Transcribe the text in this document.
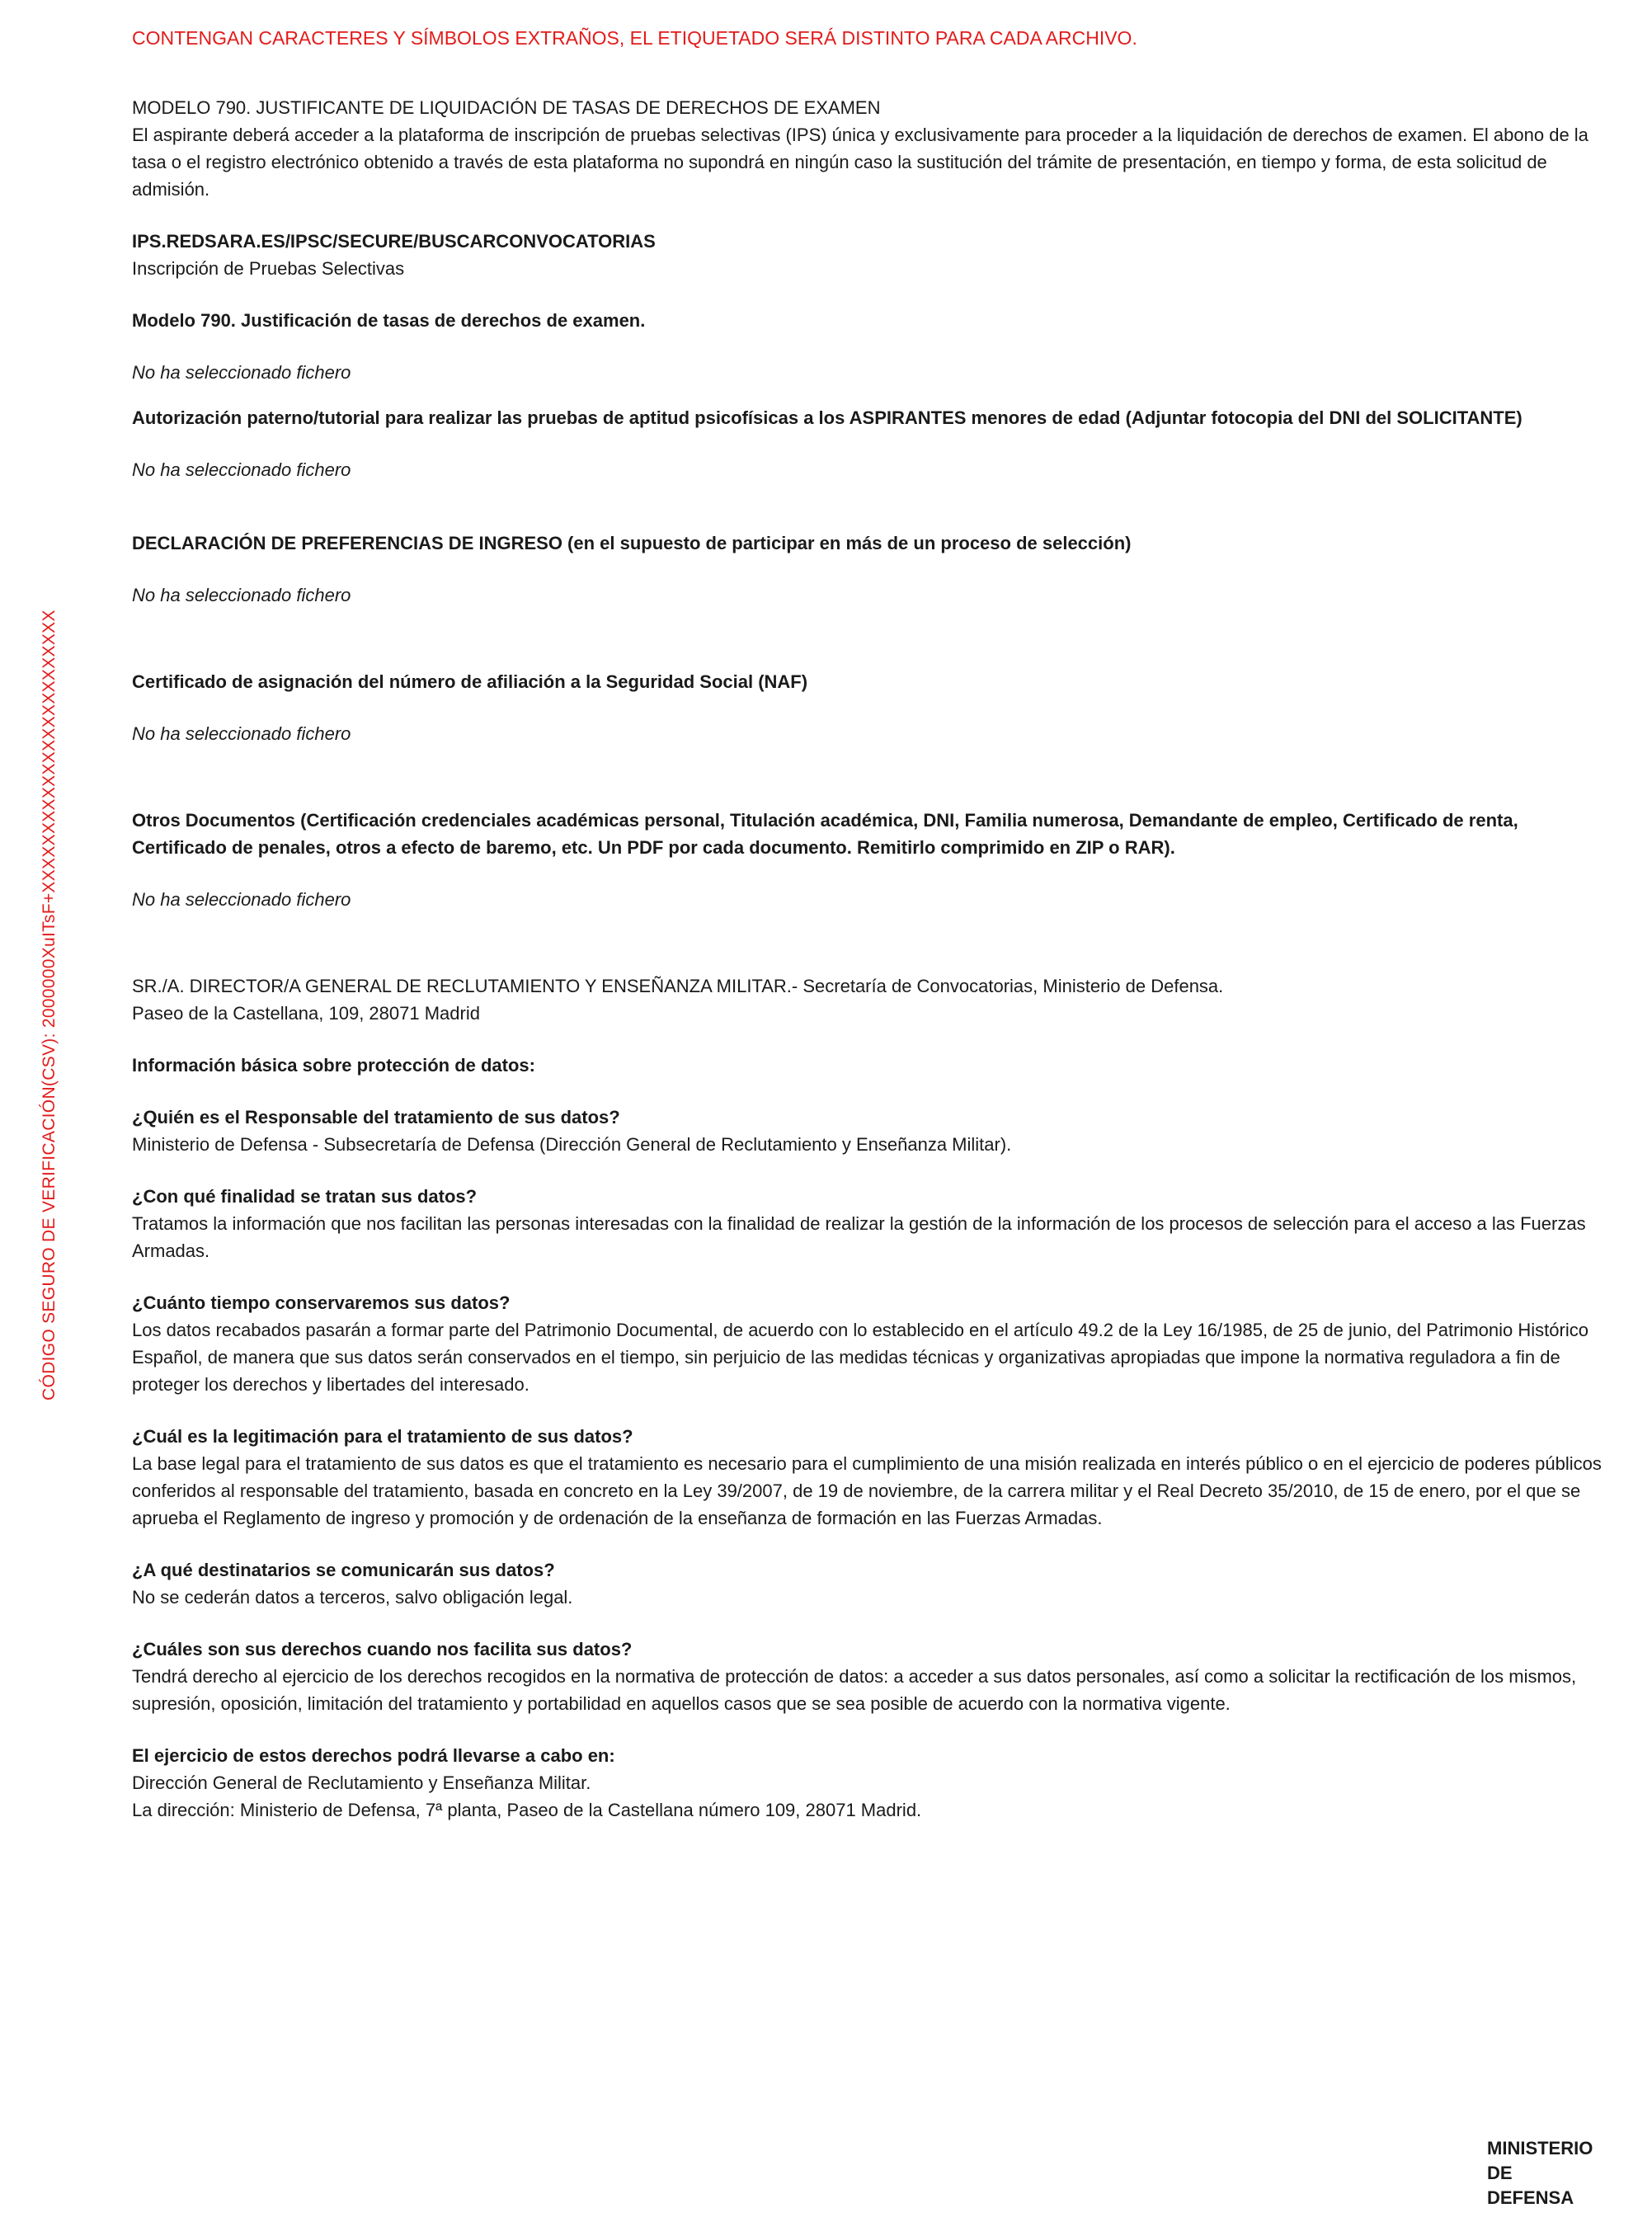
CÓDIGO SEGURO DE VERIFICACIÓN(CSV): 2000000XuITsF+XXXXXXXXXXXXXXXXXXXXXXXX

CONTENGAN CARACTERES Y SÍMBOLOS EXTRAÑOS, EL ETIQUETADO SERÁ DISTINTO PARA CADA ARCHIVO.

MODELO 790. JUSTIFICANTE DE LIQUIDACIÓN DE TASAS DE DERECHOS DE EXAMEN

El aspirante deberá acceder a la plataforma de inscripción de pruebas selectivas (IPS) única y exclusivamente para proceder a la liquidación de derechos de examen. El abono de la tasa o el registro electrónico obtenido a través de esta plataforma no supondrá en ningún caso la sustitución del trámite de presentación, en tiempo y forma, de esta solicitud de admisión.

IPS.REDSARA.ES/IPSC/SECURE/BUSCARCONVOCATORIAS

Inscripción de Pruebas Selectivas

Modelo 790. Justificación de tasas de derechos de examen.

No ha seleccionado fichero

Autorización paterno/tutorial para realizar las pruebas de aptitud psicofísicas a los ASPIRANTES menores de edad (Adjuntar fotocopia del DNI del SOLICITANTE)

No ha seleccionado fichero

DECLARACIÓN DE PREFERENCIAS DE INGRESO (en el supuesto de participar en más de un proceso de selección)

No ha seleccionado fichero

Certificado de asignación del número de afiliación a la Seguridad Social (NAF)

No ha seleccionado fichero

Otros Documentos (Certificación credenciales académicas personal, Titulación académica, DNI, Familia numerosa, Demandante de empleo, Certificado de renta, Certificado de penales, otros a efecto de baremo, etc. Un PDF por cada documento. Remitirlo comprimido en ZIP o RAR).

No ha seleccionado fichero

SR./A. DIRECTOR/A GENERAL DE RECLUTAMIENTO Y ENSEÑANZA MILITAR.- Secretaría de Convocatorias, Ministerio de Defensa.

Paseo de la Castellana, 109, 28071 Madrid

Información básica sobre protección de datos:

¿Quién es el Responsable del tratamiento de sus datos?

Ministerio de Defensa - Subsecretaría de Defensa (Dirección General de Reclutamiento y Enseñanza Militar).

¿Con qué finalidad se tratan sus datos?

Tratamos la información que nos facilitan las personas interesadas con la finalidad de realizar la gestión de la información de los procesos de selección para el acceso a las Fuerzas Armadas.

¿Cuánto tiempo conservaremos sus datos?

Los datos recabados pasarán a formar parte del Patrimonio Documental, de acuerdo con lo establecido en el artículo 49.2 de la Ley 16/1985, de 25 de junio, del Patrimonio Histórico Español, de manera que sus datos serán conservados en el tiempo, sin perjuicio de las medidas técnicas y organizativas apropiadas que impone la normativa reguladora a fin de proteger los derechos y libertades del interesado.

¿Cuál es la legitimación para el tratamiento de sus datos?

La base legal para el tratamiento de sus datos es que el tratamiento es necesario para el cumplimiento de una misión realizada en interés público o en el ejercicio de poderes públicos conferidos al responsable del tratamiento, basada en concreto en la Ley 39/2007, de 19 de noviembre, de la carrera militar y el Real Decreto 35/2010, de 15 de enero, por el que se aprueba el Reglamento de ingreso y promoción y de ordenación de la enseñanza de formación en las Fuerzas Armadas.

¿A qué destinatarios se comunicarán sus datos?

No se cederán datos a terceros, salvo obligación legal.

¿Cuáles son sus derechos cuando nos facilita sus datos?

Tendrá derecho al ejercicio de los derechos recogidos en la normativa de protección de datos: a acceder a sus datos personales, así como a solicitar la rectificación de los mismos, supresión, oposición, limitación del tratamiento y portabilidad en aquellos casos que se sea posible de acuerdo con la normativa vigente.

El ejercicio de estos derechos podrá llevarse a cabo en:

Dirección General de Reclutamiento y Enseñanza Militar.

La dirección: Ministerio de Defensa, 7ª planta, Paseo de la Castellana número 109, 28071 Madrid.

MINISTERIO
DE
DEFENSA
